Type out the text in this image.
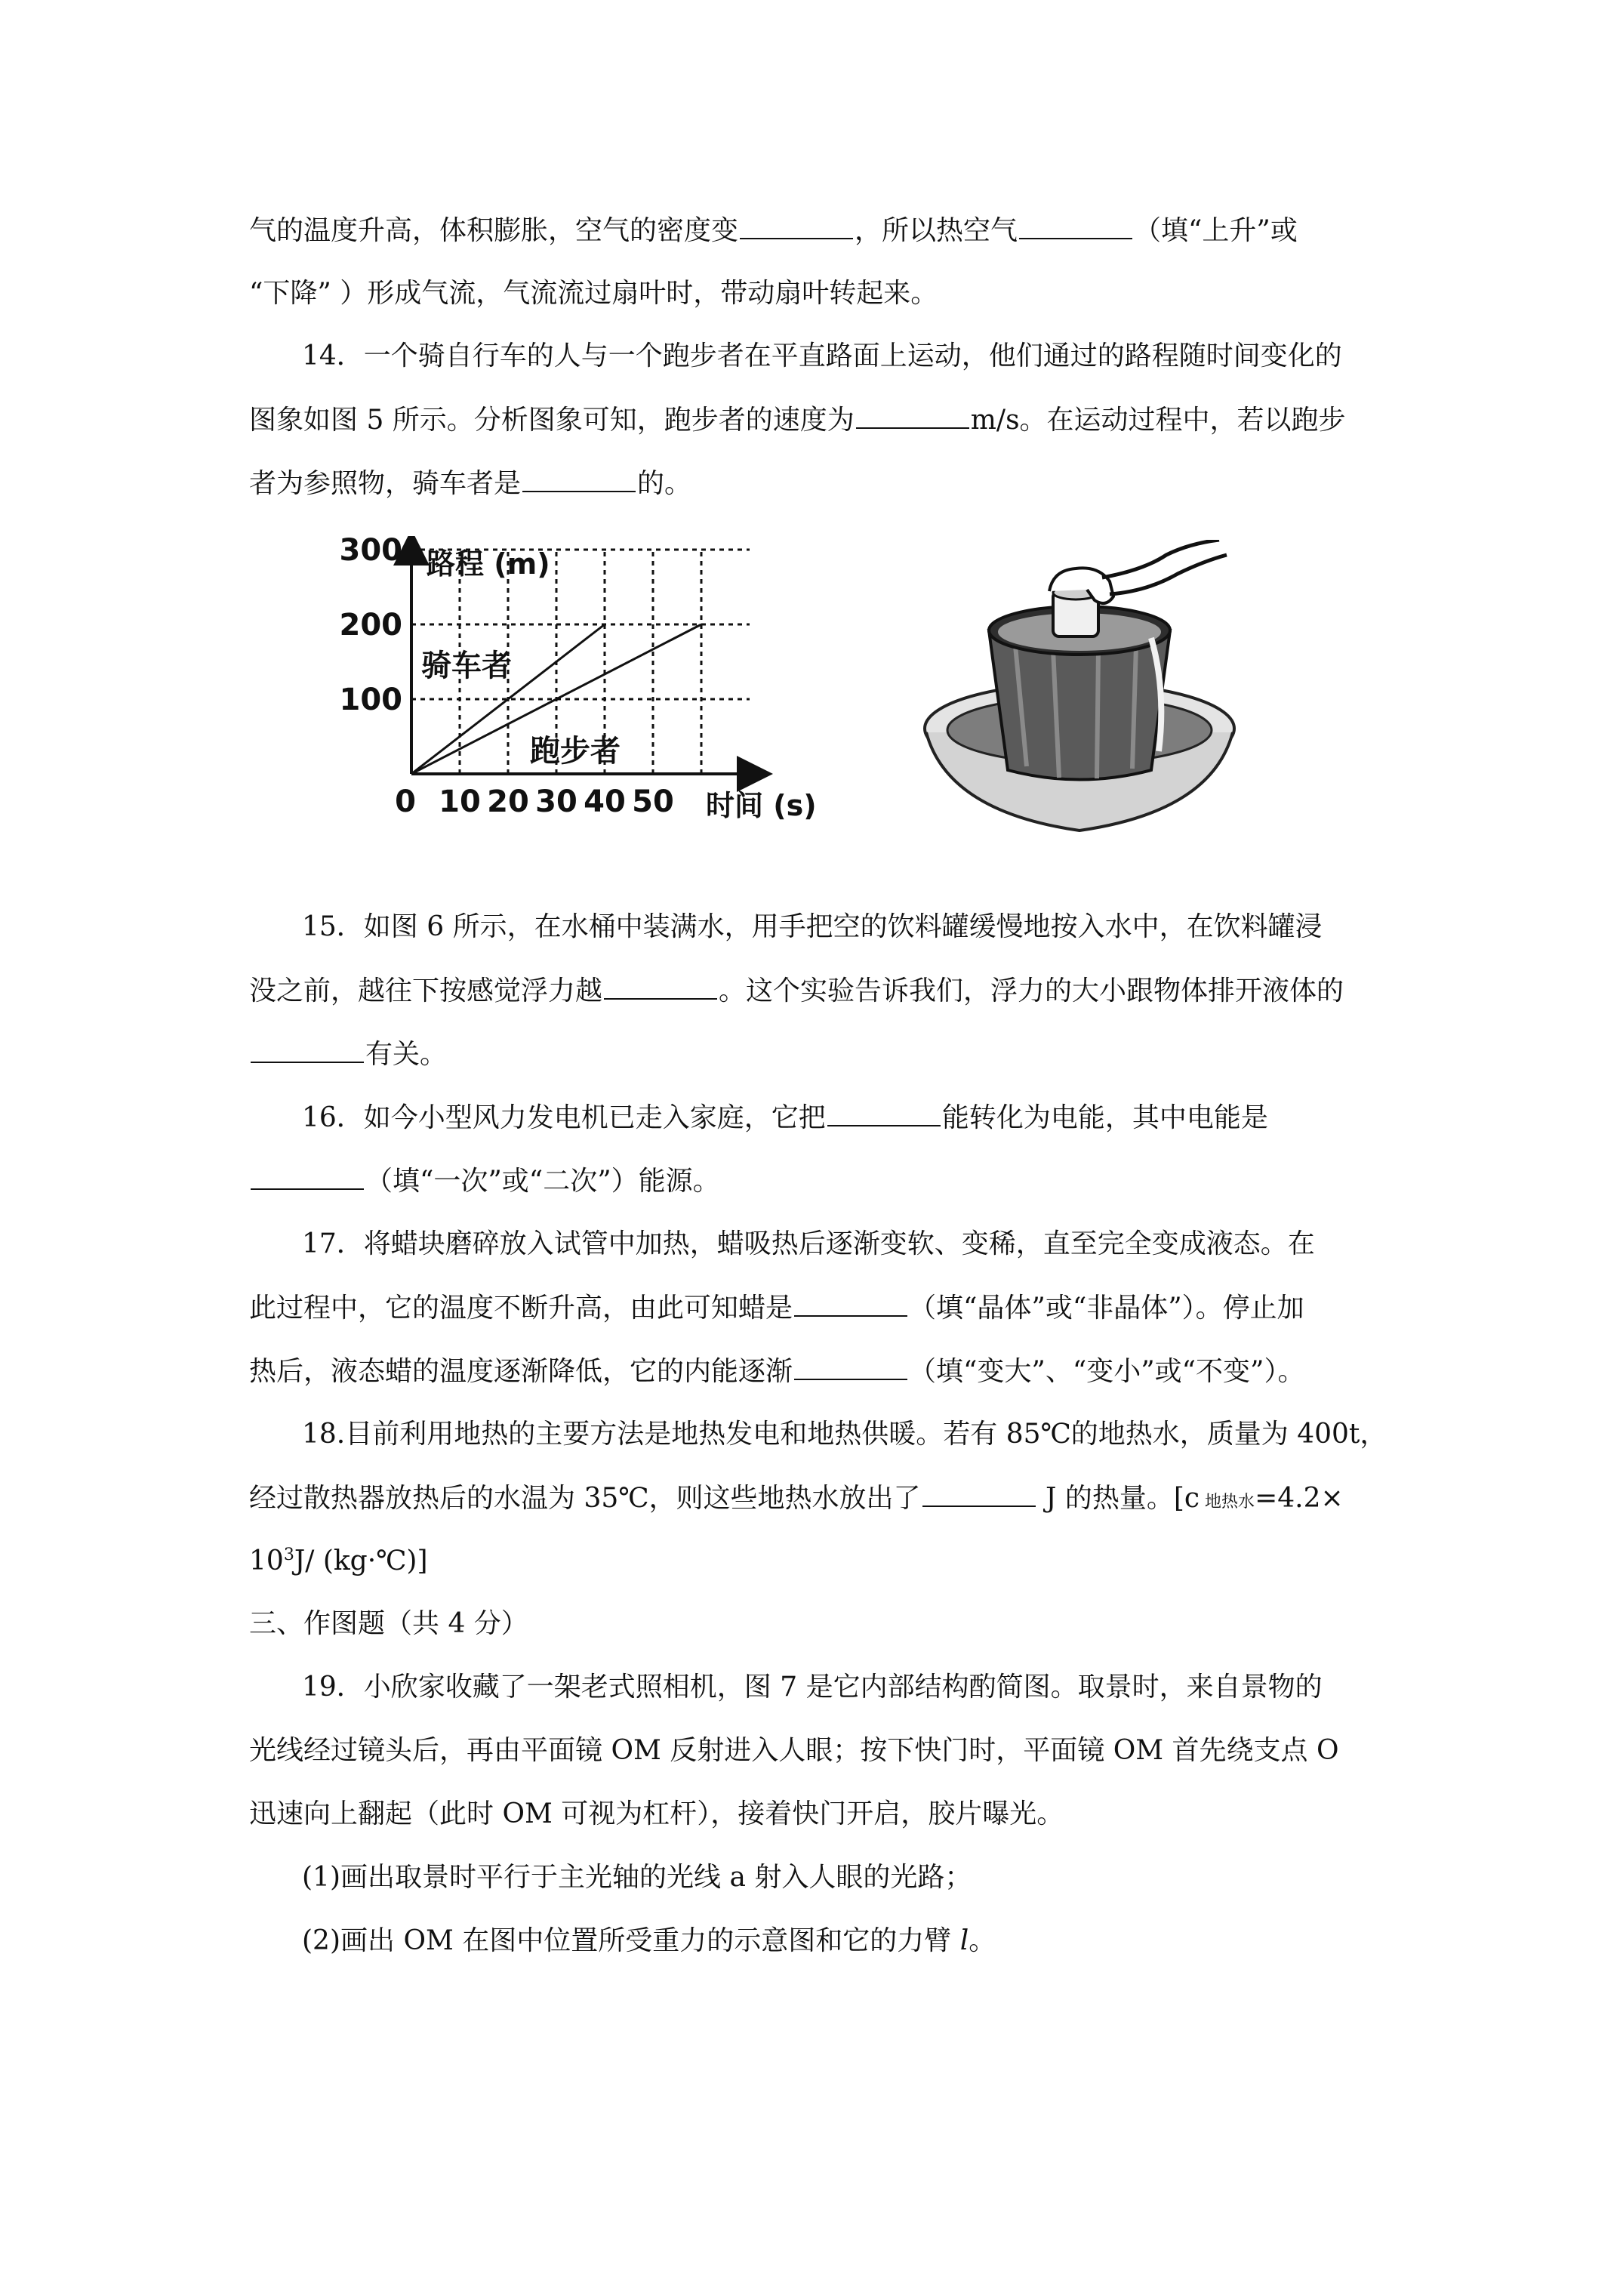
气的温度升高，体积膨胀，空气的密度变	，所以热空气	（填“上升”或
“下降” ）形成气流，气流流过扇叶时，带动扇叶转起来。
14．一个骑自行车的人与一个跑步者在平直路面上运动，他们通过的路程随时间变化的
图象如图 5 所示。分析图象可知，跑步者的速度为	m/s。在运动过程中，若以跑步
者为参照物，骑车者是	的。
100
200
300
0 10 20 30 40 50
路程 (m)
时间 (s)
骑车者
跑步者
15．如图 6 所示，在水桶中装满水，用手把空的饮料罐缓慢地按入水中，在饮料罐浸
没之前，越往下按感觉浮力越	。这个实验告诉我们，浮力的大小跟物体排开液体的
有关。
16．如今小型风力发电机已走入家庭，它把	能转化为电能，其中电能是
（填“一次”或“二次”）能源。
17．将蜡块磨碎放入试管中加热，蜡吸热后逐渐变软、变稀，直至完全变成液态。在
此过程中，它的温度不断升高，由此可知蜡是	（填“晶体”或“非晶体”）。停止加
热后，液态蜡的温度逐渐降低，它的内能逐渐	（填“变大”、“变小”或“不变”）。
18.目前利用地热的主要方法是地热发电和地热供暖。若有 85℃的地热水，质量为 400t，
经过散热器放热后的水温为 35℃，则这些地热水放出了	J 的热量。[c 地热水=4.2×
$10^3J/$ (kg·℃)]
三、作图题（共 4 分）
19．小欣家收藏了一架老式照相机，图 7 是它内部结构酌简图。取景时，来自景物的
光线经过镜头后，再由平面镜 OM 反射进入人眼；按下快门时，平面镜 OM 首先绕支点 O
迅速向上翻起（此时 OM 可视为杠杆），接着快门开启，胶片曝光。
(1)画出取景时平行于主光轴的光线 a 射入人眼的光路；
(2)画出 OM 在图中位置所受重力的示意图和它的力臂 l。
